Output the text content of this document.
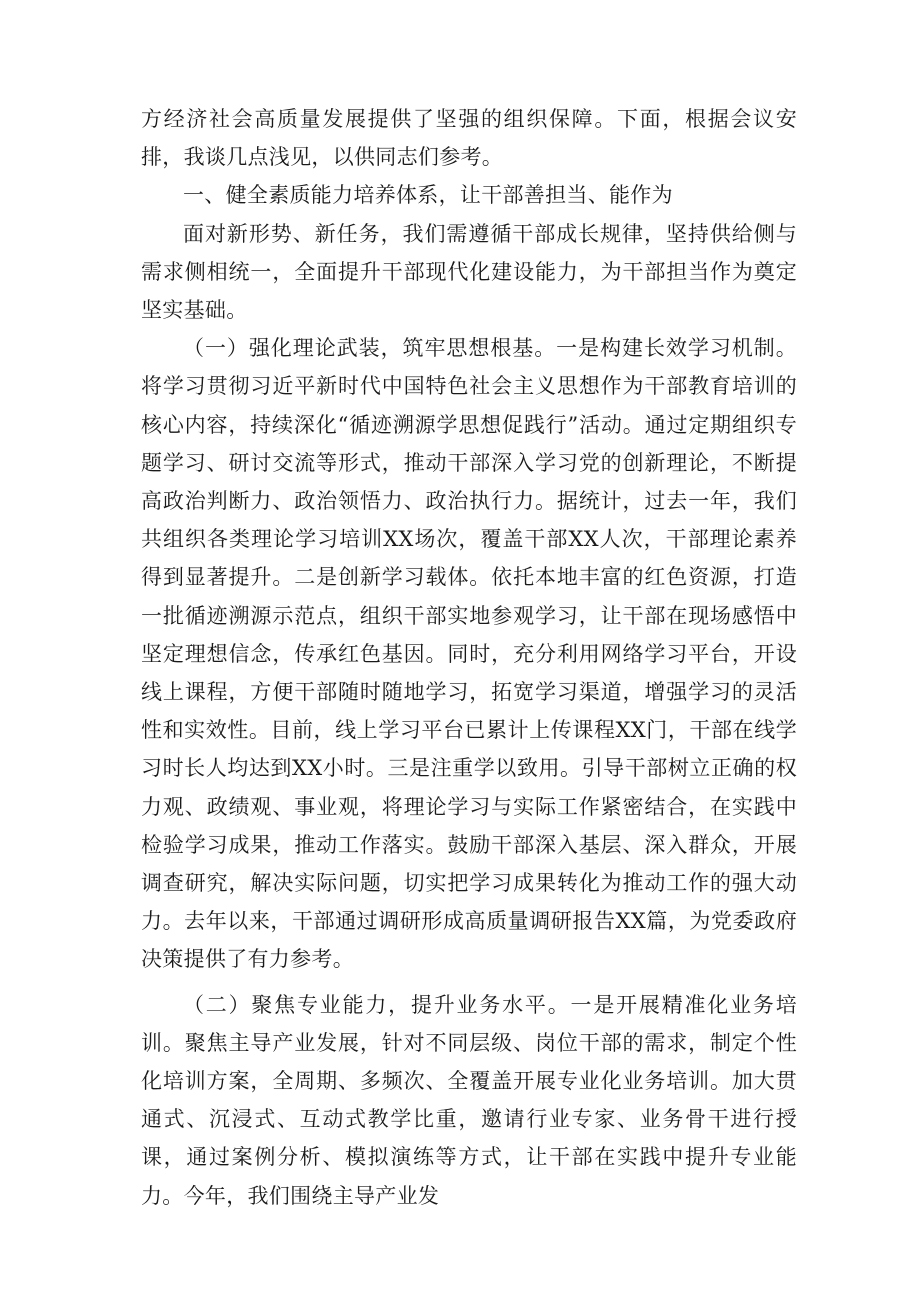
方经济社会高质量发展提供了坚强的组织保障。下面，根据会议安排，我谈几点浅见，以供同志们参考。

一、健全素质能力培养体系，让干部善担当、能作为

面对新形势、新任务，我们需遵循干部成长规律，坚持供给侧与需求侧相统一，全面提升干部现代化建设能力，为干部担当作为奠定坚实基础。

（一）强化理论武装，筑牢思想根基。一是构建长效学习机制。将学习贯彻习近平新时代中国特色社会主义思想作为干部教育培训的核心内容，持续深化“循迹溯源学思想促践行”活动。通过定期组织专题学习、研讨交流等形式，推动干部深入学习党的创新理论，不断提高政治判断力、政治领悟力、政治执行力。据统计，过去一年，我们共组织各类理论学习培训XX场次，覆盖干部XX人次，干部理论素养得到显著提升。二是创新学习载体。依托本地丰富的红色资源，打造一批循迹溯源示范点，组织干部实地参观学习，让干部在现场感悟中坚定理想信念，传承红色基因。同时，充分利用网络学习平台，开设线上课程，方便干部随时随地学习，拓宽学习渠道，增强学习的灵活性和实效性。目前，线上学习平台已累计上传课程XX门，干部在线学习时长人均达到XX小时。三是注重学以致用。引导干部树立正确的权力观、政绩观、事业观，将理论学习与实际工作紧密结合，在实践中检验学习成果，推动工作落实。鼓励干部深入基层、深入群众，开展调查研究，解决实际问题，切实把学习成果转化为推动工作的强大动力。去年以来，干部通过调研形成高质量调研报告XX篇，为党委政府决策提供了有力参考。

（二）聚焦专业能力，提升业务水平。一是开展精准化业务培训。聚焦主导产业发展，针对不同层级、岗位干部的需求，制定个性化培训方案，全周期、多频次、全覆盖开展专业化业务培训。加大贯通式、沉浸式、互动式教学比重，邀请行业专家、业务骨干进行授课，通过案例分析、模拟演练等方式，让干部在实践中提升专业能力。今年，我们围绕主导产业发
